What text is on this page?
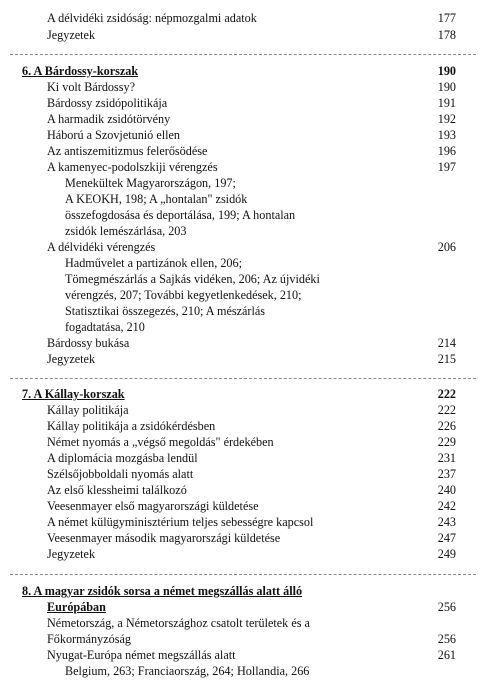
A délvidéki zsidóság: népmozgalmi adatok	177
Jegyzetek	178
6. A Bárdossy-korszak	190
Ki volt Bárdossy?	190
Bárdossy zsidópolitikája	191
A harmadik zsidótörvény	192
Háború a Szovjetunió ellen	193
Az antiszemitizmus felerősödése	196
A kamenyec-podolszkiji vérengzés	197
Menekültek Magyarországon, 197;
A KEOKH, 198; A „hontalan" zsidók
összefogdosása és deportálása, 199; A hontalan
zsidók lemészárlása, 203
A délvidéki vérengzés	206
Hadművelet a partizánok ellen, 206;
Tömegmészárlás a Sajkás vidéken, 206; Az újvidéki
vérengzés, 207; További kegyetlenkedések, 210;
Statisztikai összegezés, 210; A mészárlás
fogadtatása, 210
Bárdossy bukása	214
Jegyzetek	215
7. A Kállay-korszak	222
Kállay politikája	222
Kállay politikája a zsidókérdésben	226
Német nyomás a „végső megoldás" érdekében	229
A diplomácia mozgásba lendül	231
Szélsőjobboldali nyomás alatt	237
Az első klessheimi találkozó	240
Veesenmayer első magyarországi küldetése	242
A német külügyminisztérium teljes sebességre kapcsol	243
Veesenmayer második magyarországi küldetése	247
Jegyzetek	249
8. A magyar zsidók sorsa a német megszállás alatt álló
Európában	256
Németország, a Németországhoz csatolt területek és a
Főkormányzóság	256
Nyugat-Európa német megszállás alatt	261
Belgium, 263; Franciaország, 264; Hollandia, 266
